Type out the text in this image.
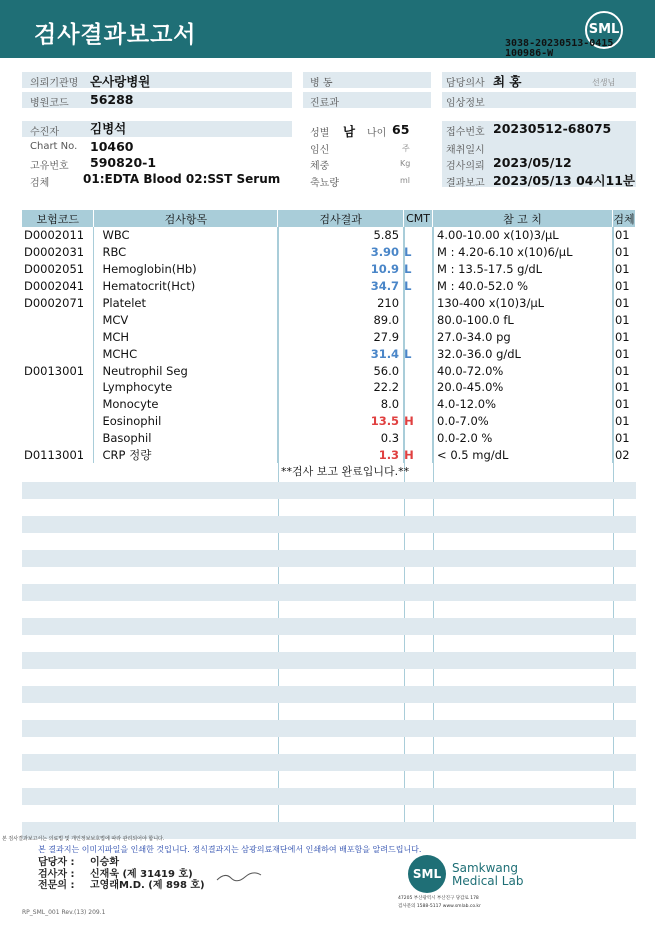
검사결과보고서	SML
3038-20230513-0415
100986-W
의뢰기관명 온사랑병원	병 동	담당의사 최 홍	선생님
병원코드 56288	진료과	임상정보
수진자 김병석	성별 남 나이 65	접수번호 20230512-68075
Chart No. 10460	임신	주	채취일시
고유번호 590820-1	체중	Kg	검사의뢰 2023/05/12
검체	01:EDTA Blood 02:SST Serum	축뇨량	ml	결과보고 2023/05/13 04시11분
보험코드	검사항목	검사결과	CMT	참 고 치	검체
D0002011	WBC	5.85		4.00-10.00 x(10)3/μL	01
D0002031	RBC	3.90	L	M : 4.20-6.10 x(10)6/μL	01
D0002051	Hemoglobin(Hb)	10.9	L	M : 13.5-17.5 g/dL	01
D0002041	Hematocrit(Hct)	34.7	L	M : 40.0-52.0 %	01
D0002071	Platelet	210		130-400 x(10)3/μL	01
	MCV	89.0		80.0-100.0 fL	01
	MCH	27.9		27.0-34.0 pg	01
	MCHC	31.4	L	32.0-36.0 g/dL	01
D0013001	Neutrophil Seg	56.0		40.0-72.0%	01
	Lymphocyte	22.2		20.0-45.0%	01
	Monocyte	8.0		4.0-12.0%	01
	Eosinophil	13.5	H	0.0-7.0%	01
	Basophil	0.3		0.0-2.0 %	01
D0113001	CRP 정량	1.3	H	< 0.5 mg/dL	02
**검사 보고 완료입니다.**
본 검사결과보고서는 의료법 및 개인정보보호법에 따라 관리되어야 합니다.
본 결과지는 이미지파일을 인쇄한 것입니다. 정식결과지는 삼광의료재단에서 인쇄하여 배포함을 알려드립니다.
담당자 : 이승화
검사자 : 신재욱 (제 31419 호)
전문의 : 고영래M.D. (제 898 호)
SML Samkwang
Medical Lab
47205 부산광역시 부산진구 당감로 178
검사문의 1588-5117 www.smlab.co.kr
RP_SML_001 Rev.(13) 209.1
